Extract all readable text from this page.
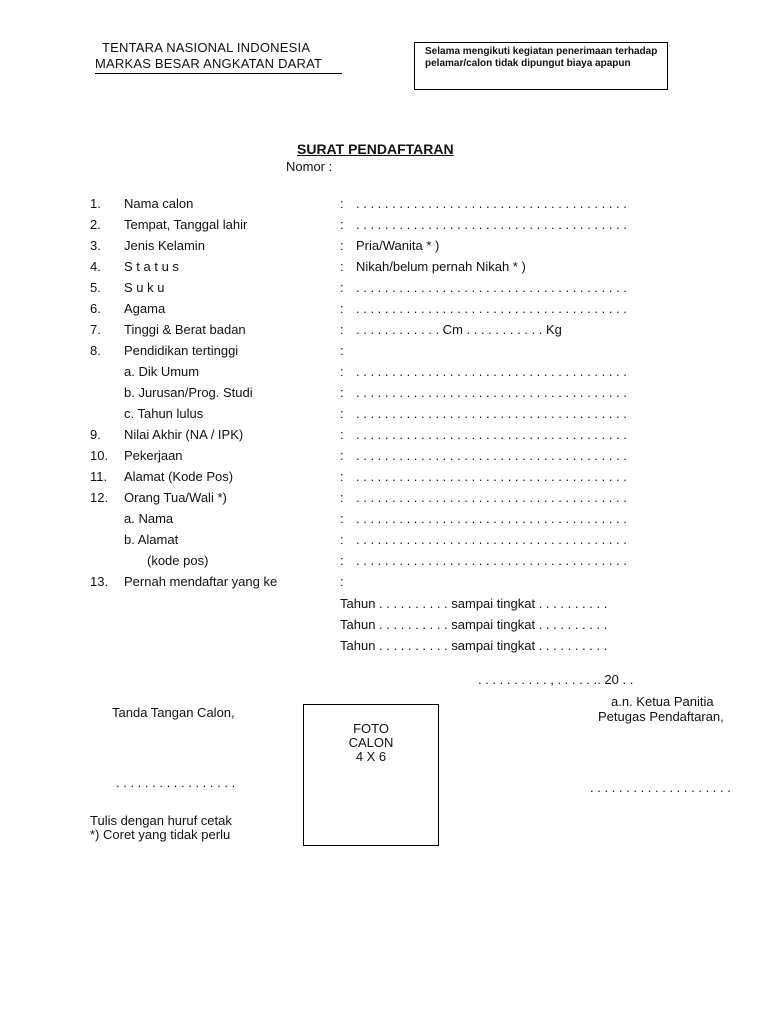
TENTARA NASIONAL INDONESIA
MARKAS BESAR ANGKATAN DARAT
Selama mengikuti kegiatan penerimaan terhadap pelamar/calon tidak dipungut biaya apapun
SURAT PENDAFTARAN
Nomor :
1. Nama calon	: . . . . . . . . . . . . . . . . . . . . . . . . . . . . . . . . . . . . . .
2. Tempat, Tanggal lahir	: . . . . . . . . . . . . . . . . . . . . . . . . . . . . . . . . . . . . . .
3. Jenis Kelamin	: Pria/Wanita * )
4. S t a t u s	: Nikah/belum pernah Nikah * )
5. S u k u	: . . . . . . . . . . . . . . . . . . . . . . . . . . . . . . . . . . . . . .
6. Agama	: . . . . . . . . . . . . . . . . . . . . . . . . . . . . . . . . . . . . . .
7. Tinggi & Berat badan	: . . . . . . . . . . . . Cm . . . . . . . . . . . Kg
8. Pendidikan tertinggi	:
a. Dik Umum	: . . . . . . . . . . . . . . . . . . . . . . . . . . . . . . . . . . . . . .
b. Jurusan/Prog. Studi	: . . . . . . . . . . . . . . . . . . . . . . . . . . . . . . . . . . . . . .
c. Tahun lulus	: . . . . . . . . . . . . . . . . . . . . . . . . . . . . . . . . . . . . . .
9. Nilai Akhir (NA / IPK)	: . . . . . . . . . . . . . . . . . . . . . . . . . . . . . . . . . . . . . .
10. Pekerjaan	: . . . . . . . . . . . . . . . . . . . . . . . . . . . . . . . . . . . . . .
11. Alamat (Kode Pos)	: . . . . . . . . . . . . . . . . . . . . . . . . . . . . . . . . . . . . . .
12. Orang Tua/Wali *)	: . . . . . . . . . . . . . . . . . . . . . . . . . . . . . . . . . . . . . .
a. Nama	: . . . . . . . . . . . . . . . . . . . . . . . . . . . . . . . . . . . . . .
b. Alamat	: . . . . . . . . . . . . . . . . . . . . . . . . . . . . . . . . . . . . . .
(kode pos)	: . . . . . . . . . . . . . . . . . . . . . . . . . . . . . . . . . . . . . .
13. Pernah mendaftar yang ke	:
Tahun . . . . . . . . . . sampai tingkat . . . . . . . . . .
Tahun . . . . . . . . . . sampai tingkat . . . . . . . . . .
Tahun . . . . . . . . . . sampai tingkat . . . . . . . . . .
. . . . . . . . . . , . . . . . .. 20 . .
Tanda Tangan Calon,
. . . . . . . . . . . . . . . . .
FOTO
CALON
4 X 6
a.n. Ketua Panitia
Petugas Pendaftaran,
. . . . . . . . . . . . . . . . . . . .
Tulis dengan huruf cetak
*) Coret yang tidak perlu
